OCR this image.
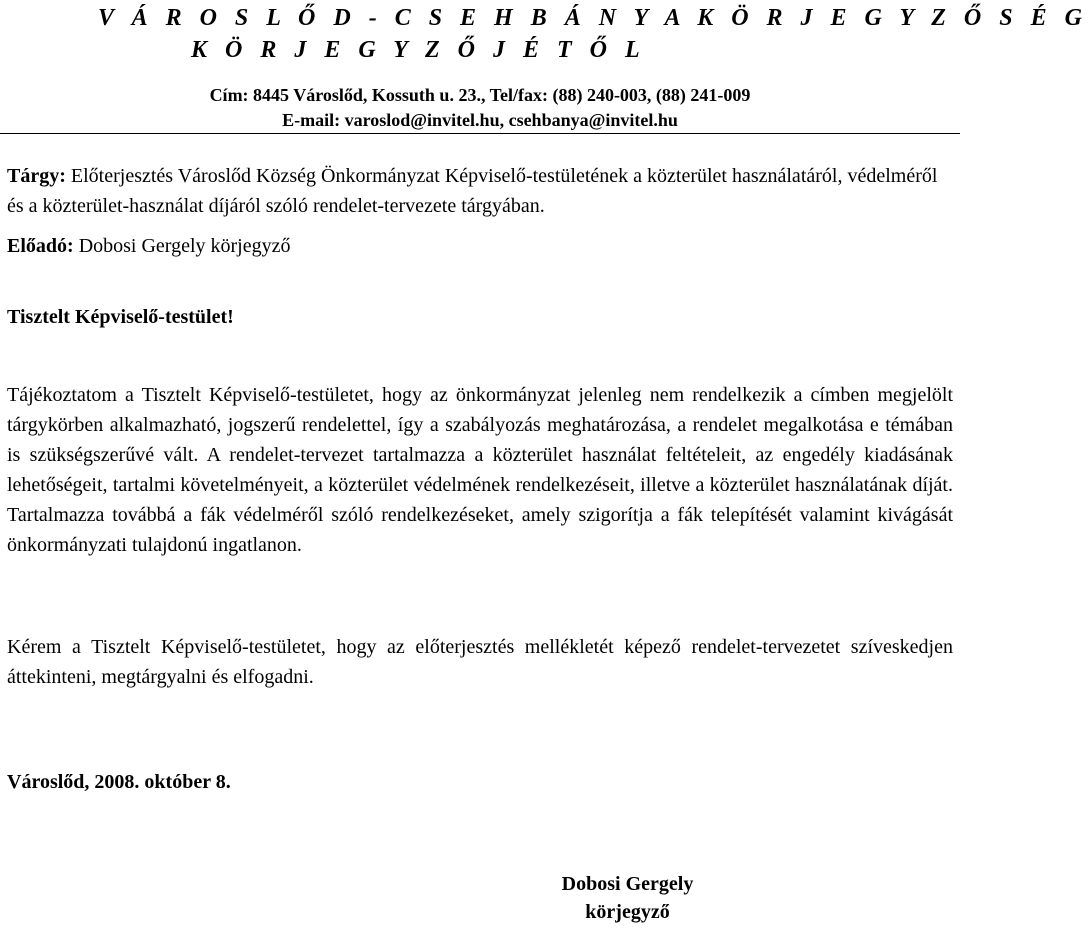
V Á R O S L Ő D - C S E H B Á N Y A K Ö R J E G Y Z Ő S É G
K Ö R J E G Y Z Ő J É T Ő L
Cím: 8445 Városlőd, Kossuth u. 23., Tel/fax: (88) 240-003, (88) 241-009
E-mail: varoslod@invitel.hu, csehbanya@invitel.hu
Tárgy: Előterjesztés Városlőd Község Önkormányzat Képviselő-testületének a közterület használatáról, védelméről és a közterület-használat díjáról szóló rendelet-tervezete tárgyában.
Előadó: Dobosi Gergely körjegyző
Tisztelt Képviselő-testület!
Tájékoztatom a Tisztelt Képviselő-testületet, hogy az önkormányzat jelenleg nem rendelkezik a címben megjelölt tárgykörben alkalmazható, jogszerű rendelettel, így a szabályozás meghatározása, a rendelet megalkotása e témában is szükségszerűvé vált. A rendelet-tervezet tartalmazza a közterület használat feltételeit, az engedély kiadásának lehetőségeit, tartalmi követelményeit, a közterület védelmének rendelkezéseit, illetve a közterület használatának díját. Tartalmazza továbbá a fák védelméről szóló rendelkezéseket, amely szigorítja a fák telepítését valamint kivágását önkormányzati tulajdonú ingatlanon.
Kérem a Tisztelt Képviselő-testületet, hogy az előterjesztés mellékletét képező rendelet-tervezetet szíveskedjen áttekinteni, megtárgyalni és elfogadni.
Városlőd, 2008. október 8.
Dobosi Gergely
körjegyző
